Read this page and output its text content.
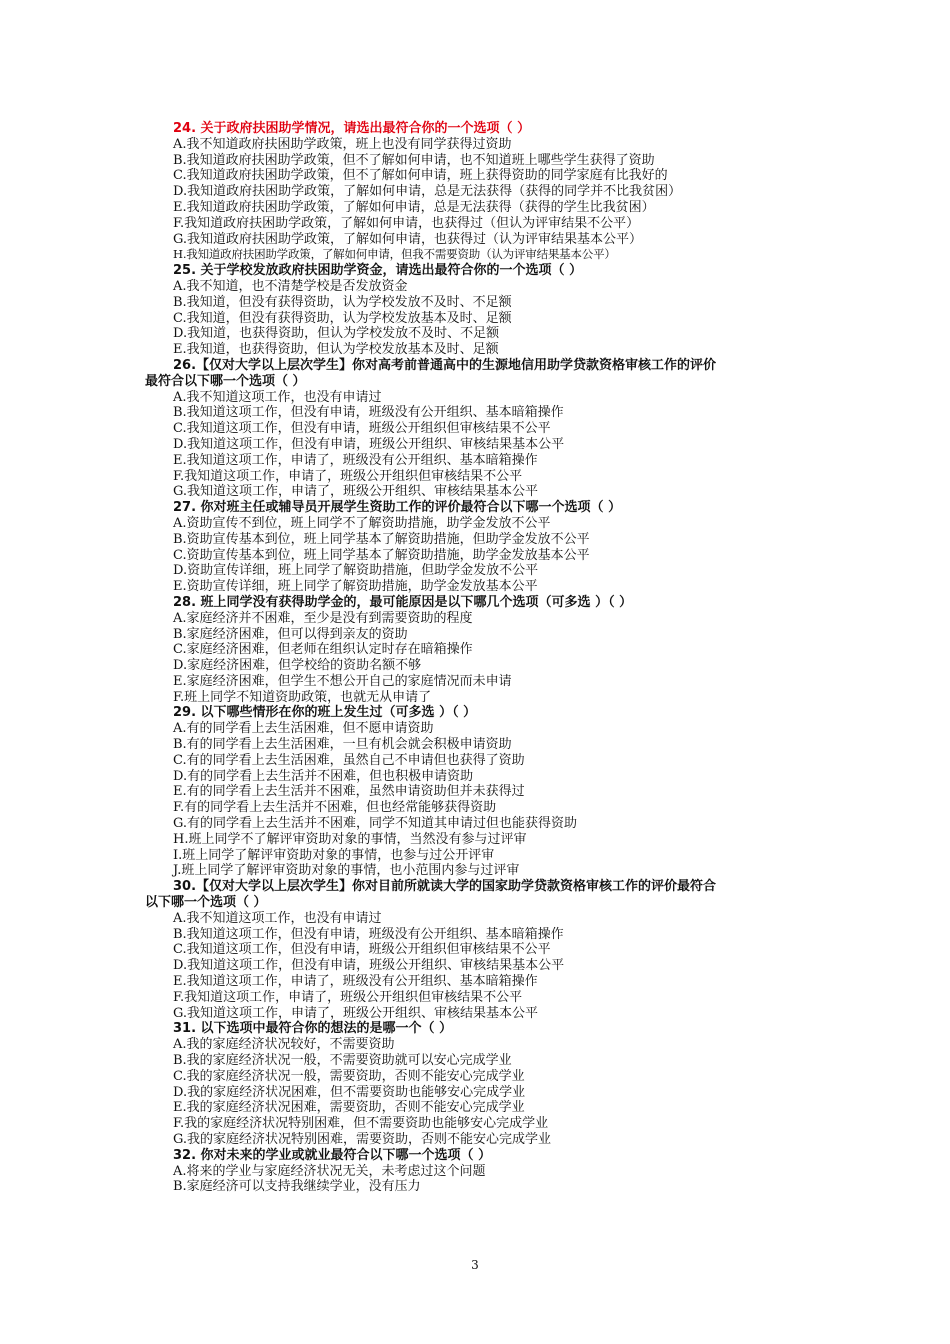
24. 关于政府扶困助学情况，请选出最符合你的一个选项（ ）

A.我不知道政府扶困助学政策，班上也没有同学获得过资助

B.我知道政府扶困助学政策，但不了解如何申请，也不知道班上哪些学生获得了资助

C.我知道政府扶困助学政策，但不了解如何申请，班上获得资助的同学家庭有比我好的

D.我知道政府扶困助学政策，了解如何申请，总是无法获得（获得的同学并不比我贫困）

E.我知道政府扶困助学政策，了解如何申请，总是无法获得（获得的学生比我贫困）

F.我知道政府扶困助学政策，了解如何申请，也获得过（但认为评审结果不公平）

G.我知道政府扶困助学政策，了解如何申请，也获得过（认为评审结果基本公平）

H.我知道政府扶困助学政策，了解如何申请，但我不需要资助（认为评审结果基本公平）

25. 关于学校发放政府扶困助学资金，请选出最符合你的一个选项（ ）

A.我不知道，也不清楚学校是否发放资金

B.我知道，但没有获得资助，认为学校发放不及时、不足额

C.我知道，但没有获得资助，认为学校发放基本及时、足额

D.我知道，也获得资助，但认为学校发放不及时、不足额

E.我知道，也获得资助，但认为学校发放基本及时、足额

26.【仅对大学以上层次学生】你对高考前普通高中的生源地信用助学贷款资格审核工作的评价

最符合以下哪一个选项（ ）

A.我不知道这项工作，也没有申请过

B.我知道这项工作，但没有申请，班级没有公开组织、基本暗箱操作

C.我知道这项工作，但没有申请，班级公开组织但审核结果不公平

D.我知道这项工作，但没有申请，班级公开组织、审核结果基本公平

E.我知道这项工作，申请了，班级没有公开组织、基本暗箱操作

F.我知道这项工作，申请了，班级公开组织但审核结果不公平

G.我知道这项工作，申请了，班级公开组织、审核结果基本公平

27. 你对班主任或辅导员开展学生资助工作的评价最符合以下哪一个选项（ ）

A.资助宣传不到位，班上同学不了解资助措施，助学金发放不公平

B.资助宣传基本到位，班上同学基本了解资助措施，但助学金发放不公平

C.资助宣传基本到位，班上同学基本了解资助措施，助学金发放基本公平

D.资助宣传详细，班上同学了解资助措施，但助学金发放不公平

E.资助宣传详细，班上同学了解资助措施，助学金发放基本公平

28. 班上同学没有获得助学金的，最可能原因是以下哪几个选项（可多选 ）（ ）

A.家庭经济并不困难，至少是没有到需要资助的程度

B.家庭经济困难，但可以得到亲友的资助

C.家庭经济困难，但老师在组织认定时存在暗箱操作

D.家庭经济困难，但学校给的资助名额不够

E.家庭经济困难，但学生不想公开自己的家庭情况而未申请

F.班上同学不知道资助政策，也就无从申请了

29. 以下哪些情形在你的班上发生过（可多选 ）（ ）

A.有的同学看上去生活困难，但不愿申请资助

B.有的同学看上去生活困难，一旦有机会就会积极申请资助

C.有的同学看上去生活困难，虽然自己不申请但也获得了资助

D.有的同学看上去生活并不困难，但也积极申请资助

E.有的同学看上去生活并不困难，虽然申请资助但并未获得过

F.有的同学看上去生活并不困难，但也经常能够获得资助

G.有的同学看上去生活并不困难，同学不知道其申请过但也能获得资助

H.班上同学不了解评审资助对象的事情，当然没有参与过评审

I.班上同学了解评审资助对象的事情，也参与过公开评审

J.班上同学了解评审资助对象的事情，也小范围内参与过评审

30.【仅对大学以上层次学生】你对目前所就读大学的国家助学贷款资格审核工作的评价最符合

以下哪一个选项（ ）

A.我不知道这项工作，也没有申请过

B.我知道这项工作，但没有申请，班级没有公开组织、基本暗箱操作

C.我知道这项工作，但没有申请，班级公开组织但审核结果不公平

D.我知道这项工作，但没有申请，班级公开组织、审核结果基本公平

E.我知道这项工作，申请了，班级没有公开组织、基本暗箱操作

F.我知道这项工作，申请了，班级公开组织但审核结果不公平

G.我知道这项工作，申请了，班级公开组织、审核结果基本公平

31. 以下选项中最符合你的想法的是哪一个（ ）

A.我的家庭经济状况较好，不需要资助

B.我的家庭经济状况一般，不需要资助就可以安心完成学业

C.我的家庭经济状况一般，需要资助，否则不能安心完成学业

D.我的家庭经济状况困难，但不需要资助也能够安心完成学业

E.我的家庭经济状况困难，需要资助，否则不能安心完成学业

F.我的家庭经济状况特别困难，但不需要资助也能够安心完成学业

G.我的家庭经济状况特别困难，需要资助，否则不能安心完成学业

32. 你对未来的学业或就业最符合以下哪一个选项（ ）

A.将来的学业与家庭经济状况无关，未考虑过这个问题

B.家庭经济可以支持我继续学业，没有压力

3
